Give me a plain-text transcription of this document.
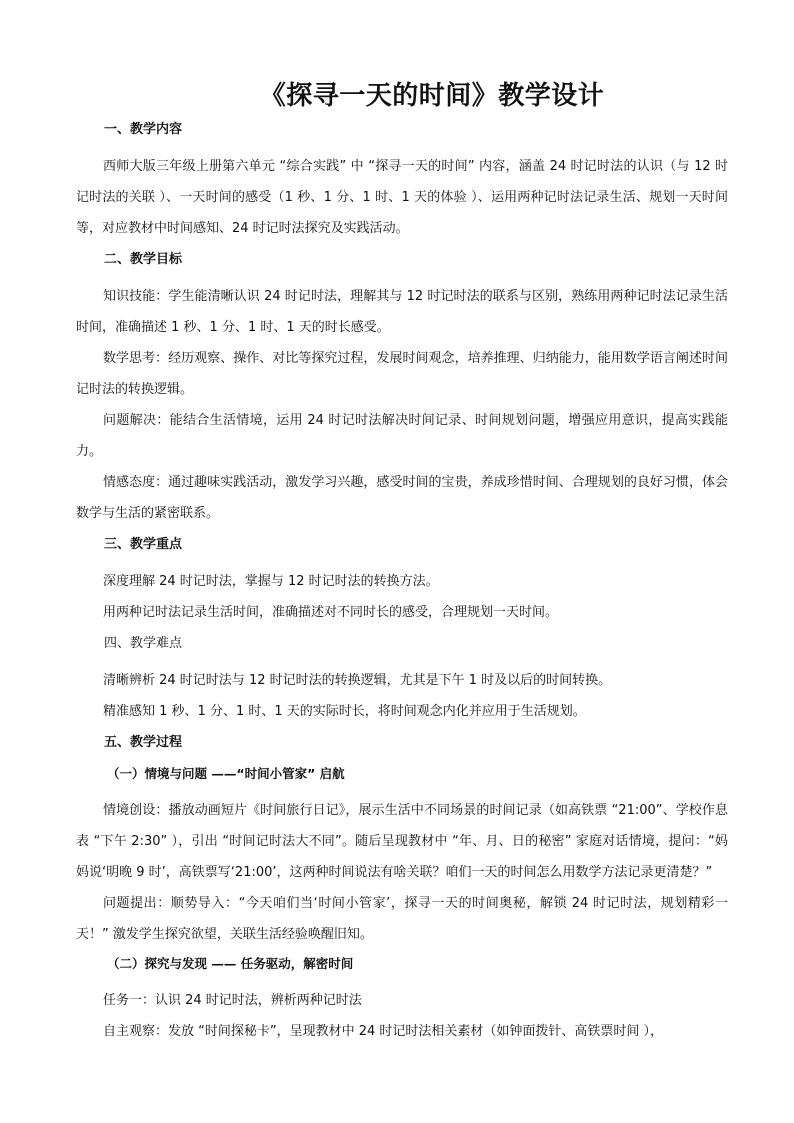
《探寻一天的时间》教学设计
一、教学内容
西师大版三年级上册第六单元 “综合实践” 中 “探寻一天的时间” 内容，涵盖 24 时记时法的认识（与 12 时记时法的关联 ）、一天时间的感受（1 秒、1 分、1 时、1 天的体验 ）、运用两种记时法记录生活、规划一天时间等，对应教材中时间感知、24 时记时法探究及实践活动。
二、教学目标
知识技能：学生能清晰认识 24 时记时法，理解其与 12 时记时法的联系与区别，熟练用两种记时法记录生活时间，准确描述 1 秒、1 分、1 时、1 天的时长感受。
数学思考：经历观察、操作、对比等探究过程，发展时间观念，培养推理、归纳能力，能用数学语言阐述时间记时法的转换逻辑。
问题解决：能结合生活情境，运用 24 时记时法解决时间记录、时间规划问题，增强应用意识，提高实践能力。
情感态度：通过趣味实践活动，激发学习兴趣，感受时间的宝贵，养成珍惜时间、合理规划的良好习惯，体会数学与生活的紧密联系。
三、教学重点
深度理解 24 时记时法，掌握与 12 时记时法的转换方法。
用两种记时法记录生活时间，准确描述对不同时长的感受，合理规划一天时间。
四、教学难点
清晰辨析 24 时记时法与 12 时记时法的转换逻辑，尤其是下午 1 时及以后的时间转换。
精准感知 1 秒、1 分、1 时、1 天的实际时长，将时间观念内化并应用于生活规划。
五、教学过程
（一）情境与问题 ——“时间小管家” 启航
情境创设：播放动画短片《时间旅行日记》，展示生活中不同场景的时间记录（如高铁票 “21:00”、学校作息表 “下午 2:30” ），引出 “时间记时法大不同”。随后呈现教材中 “年、月、日的秘密” 家庭对话情境，提问：“妈妈说‘明晚 9 时’，高铁票写‘21:00’，这两种时间说法有啥关联？咱们一天的时间怎么用数学方法记录更清楚？”
问题提出：顺势导入：“今天咱们当‘时间小管家’，探寻一天的时间奥秘，解锁 24 时记时法，规划精彩一天！” 激发学生探究欲望，关联生活经验唤醒旧知。
（二）探究与发现 —— 任务驱动，解密时间
任务一：认识 24 时记时法，辨析两种记时法
自主观察：发放 “时间探秘卡”，呈现教材中 24 时记时法相关素材（如钟面拨针、高铁票时间 ），
